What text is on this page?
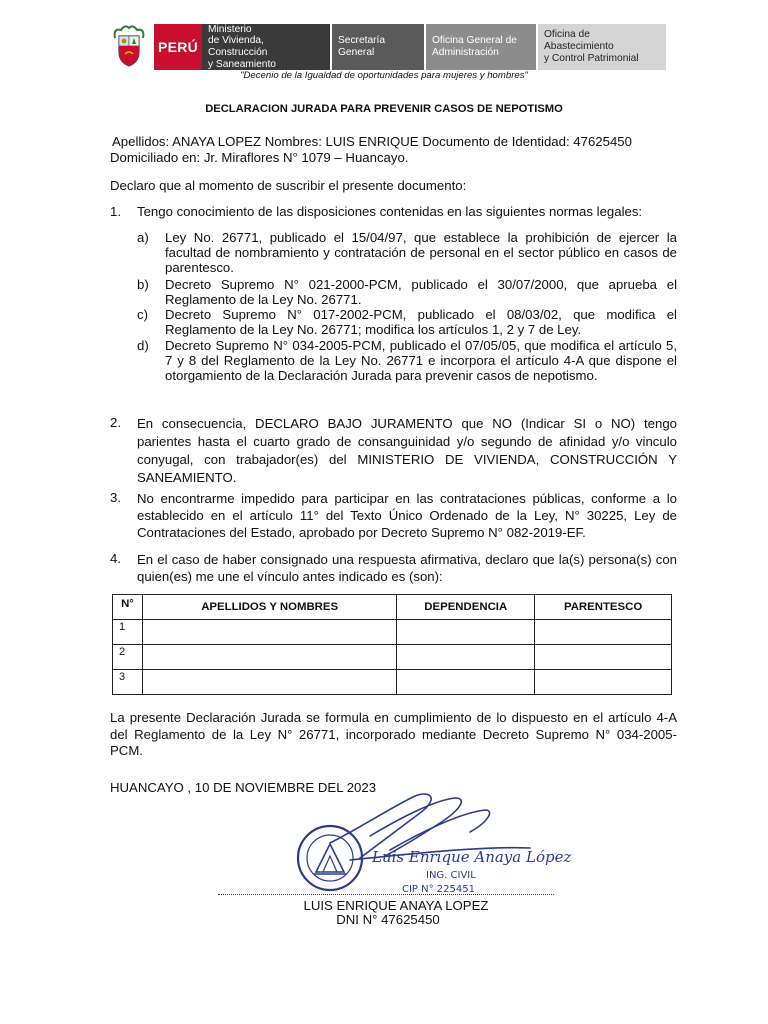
PERÚ
Ministerio
de Vivienda, Construcción
y Saneamiento
Secretaría General
Oficina General de
Administración
Oficina de Abastecimiento
y Control Patrimonial
"Decenio de la Igualdad de oportunidades para mujeres y hombres"
DECLARACION JURADA PARA PREVENIR CASOS DE NEPOTISMO
Apellidos: ANAYA LOPEZ Nombres: LUIS ENRIQUE Documento de Identidad: 47625450
Domiciliado en: Jr. Miraflores N° 1079 – Huancayo.
Declaro que al momento de suscribir el presente documento:
1. Tengo conocimiento de las disposiciones contenidas en las siguientes normas legales:
a) Ley No. 26771, publicado el 15/04/97, que establece la prohibición de ejercer la facultad de nombramiento y contratación de personal en el sector público en casos de parentesco.
b) Decreto Supremo N° 021-2000-PCM, publicado el 30/07/2000, que aprueba el Reglamento de la Ley No. 26771.
c) Decreto Supremo N° 017-2002-PCM, publicado el 08/03/02, que modifica el Reglamento de la Ley No. 26771; modifica los artículos 1, 2 y 7 de Ley.
d) Decreto Supremo N° 034-2005-PCM, publicado el 07/05/05, que modifica el artículo 5, 7 y 8 del Reglamento de la Ley No. 26771 e incorpora el artículo 4-A que dispone el otorgamiento de la Declaración Jurada para prevenir casos de nepotismo.
2. En consecuencia, DECLARO BAJO JURAMENTO que NO (Indicar SI o NO) tengo parientes hasta el cuarto grado de consanguinidad y/o segundo de afinidad y/o vinculo conyugal, con trabajador(es) del MINISTERIO DE VIVIENDA, CONSTRUCCIÓN Y SANEAMIENTO.
3. No encontrarme impedido para participar en las contrataciones públicas, conforme a lo establecido en el artículo 11° del Texto Único Ordenado de la Ley, N° 30225, Ley de Contrataciones del Estado, aprobado por Decreto Supremo N° 082-2019-EF.
4. En el caso de haber consignado una respuesta afirmativa, declaro que la(s) persona(s) con quien(es) me une el vínculo antes indicado es (son):
N°	APELLIDOS Y NOMBRES	DEPENDENCIA	PARENTESCO
1			
2			
3			
La presente Declaración Jurada se formula en cumplimiento de lo dispuesto en el artículo 4-A del Reglamento de la Ley N° 26771, incorporado mediante Decreto Supremo N° 034-2005- PCM.
HUANCAYO , 10 DE NOVIEMBRE DEL 2023
Luis Enrique Anaya López
ING. CIVIL
CIP N° 225451
LUIS ENRIQUE ANAYA LOPEZ
DNI N° 47625450
